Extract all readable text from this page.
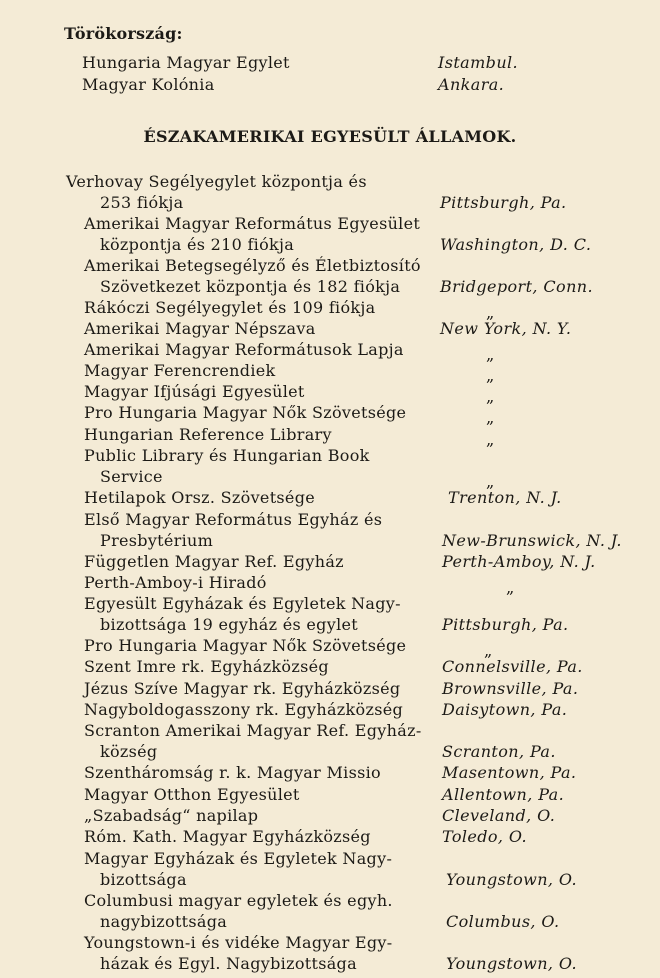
Törökország:
Hungaria Magyar Egylet	Istambul.
Magyar Kolónia	Ankara.
ÉSZAKAMERIKAI EGYESÜLT ÁLLAMOK.
Verhovay Segélyegylet központja és
253 fiókja	Pittsburgh, Pa.
Amerikai Magyar Református Egyesület
központja és 210 fiókja	Washington, D. C.
Amerikai Betegsegélyző és Életbiztosító
Szövetkezet központja és 182 fiókja Bridgeport, Conn.
Rákóczi Segélyegylet és 109 fiókja	„
Amerikai Magyar Népszava	New York, N. Y.
Amerikai Magyar Reformátusok Lapja	„
Magyar Ferencrendiek	„
Magyar Ifjúsági Egyesület	„
Pro Hungaria Magyar Nők Szövetsége	„
Hungarian Reference Library	„
Public Library és Hungarian Book
Service	„
Hetilapok Orsz. Szövetsége	Trenton, N. J.
Első Magyar Református Egyház és
Presbytérium	New-Brunswick, N. J.
Független Magyar Ref. Egyház	Perth-Amboy, N. J.
Perth-Amboy-i Hiradó	„
Egyesült Egyházak és Egyletek Nagy-
bizottsága 19 egyház és egylet	Pittsburgh, Pa.
Pro Hungaria Magyar Nők Szövetsége	„
Szent Imre rk. Egyházközség	Connelsville, Pa.
Jézus Szíve Magyar rk. Egyházközség	Brownsville, Pa.
Nagyboldogasszony rk. Egyházközség Daisytown, Pa.
Scranton Amerikai Magyar Ref. Egyház-
község	Scranton, Pa.
Szentháromság r. k. Magyar Missio	Masentown, Pa.
Magyar Otthon Egyesület	Allentown, Pa.
„Szabadság“ napilap	Cleveland, O.
Róm. Kath. Magyar Egyházközség	Toledo, O.
Magyar Egyházak és Egyletek Nagy-
bizottsága	Youngstown, O.
Columbusi magyar egyletek és egyh.
nagybizottsága	Columbus, O.
Youngstown-i és vidéke Magyar Egy-
házak és Egyl. Nagybizottsága	Youngstown, O.
